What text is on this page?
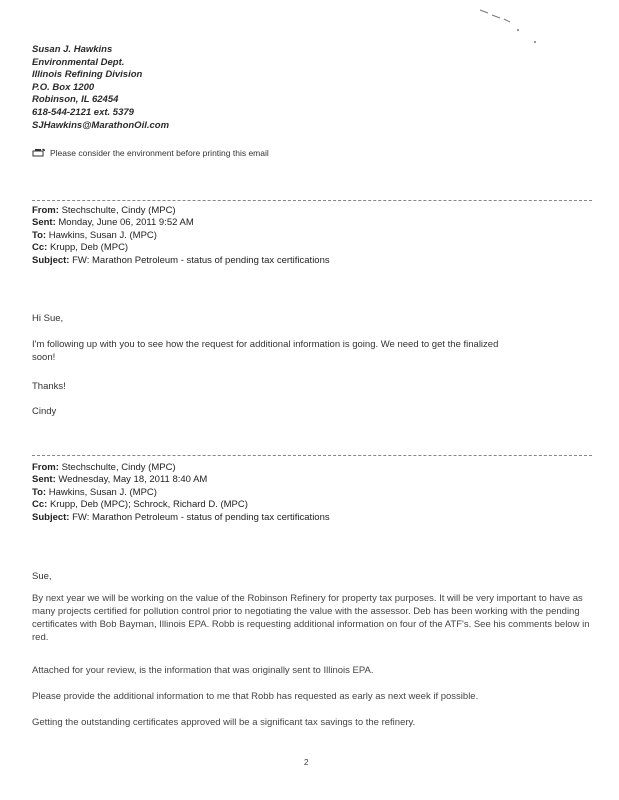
Susan J. Hawkins
Environmental Dept.
Illinois Refining Division
P.O. Box 1200
Robinson, IL 62454
618-544-2121 ext. 5379
SJHawkins@MarathonOil.com
Please consider the environment before printing this email
From: Stechschulte, Cindy (MPC)
Sent: Monday, June 06, 2011 9:52 AM
To: Hawkins, Susan J. (MPC)
Cc: Krupp, Deb (MPC)
Subject: FW: Marathon Petroleum - status of pending tax certifications
Hi Sue,
I'm following up with you to see how the request for additional information is going. We need to get the finalized soon!
Thanks!
Cindy
From: Stechschulte, Cindy (MPC)
Sent: Wednesday, May 18, 2011 8:40 AM
To: Hawkins, Susan J. (MPC)
Cc: Krupp, Deb (MPC); Schrock, Richard D. (MPC)
Subject: FW: Marathon Petroleum - status of pending tax certifications
Sue,
By next year we will be working on the value of the Robinson Refinery for property tax purposes. It will be very important to have as many projects certified for pollution control prior to negotiating the value with the assessor. Deb has been working with the pending certificates with Bob Bayman, Illinois EPA. Robb is requesting additional information on four of the ATF's. See his comments below in red.
Attached for your review, is the information that was originally sent to Illinois EPA.
Please provide the additional information to me that Robb has requested as early as next week if possible.
Getting the outstanding certificates approved will be a significant tax savings to the refinery.
2
